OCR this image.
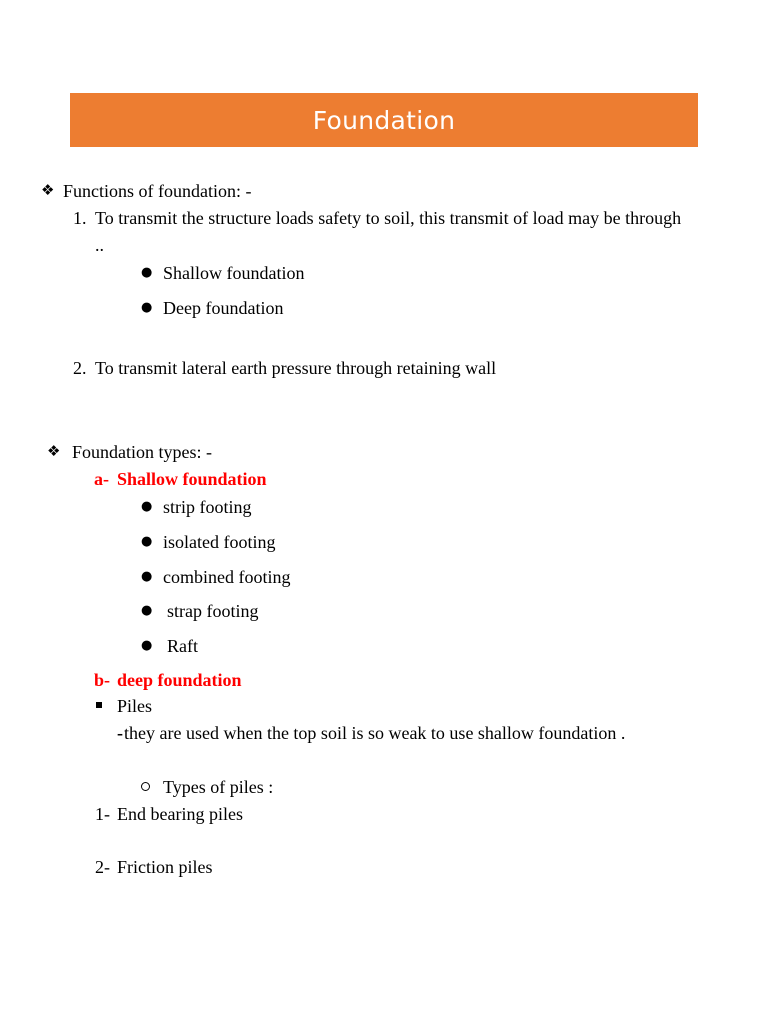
Foundation
❖ Functions of foundation: -
1. To transmit the structure loads safety to soil, this transmit of load may be through
..
● Shallow foundation
● Deep foundation
2. To transmit lateral earth pressure through retaining wall
❖ Foundation types: -
a- Shallow foundation
● strip footing
● isolated footing
● combined footing
● strap footing
● Raft
b- deep foundation
Piles
- they are used when the top soil is so weak to use shallow foundation .
Types of piles :
1- End bearing piles
2- Friction piles
